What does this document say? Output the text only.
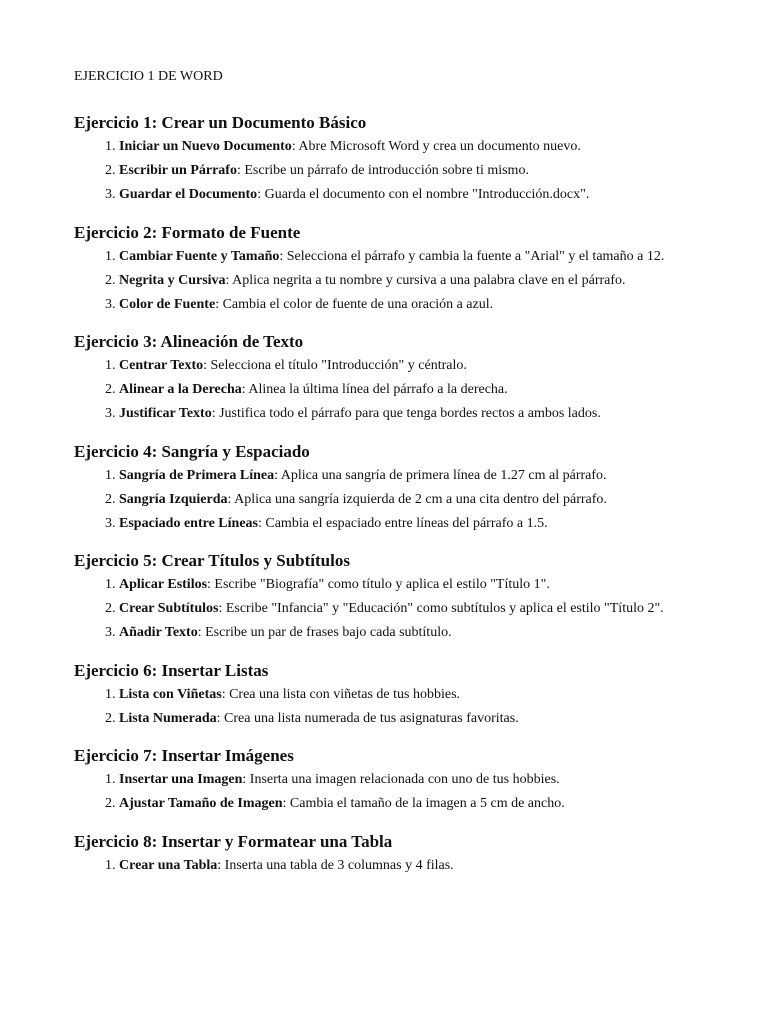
EJERCICIO 1 DE WORD
Ejercicio 1: Crear un Documento Básico
1. Iniciar un Nuevo Documento: Abre Microsoft Word y crea un documento nuevo.
2. Escribir un Párrafo: Escribe un párrafo de introducción sobre ti mismo.
3. Guardar el Documento: Guarda el documento con el nombre "Introducción.docx".
Ejercicio 2: Formato de Fuente
1. Cambiar Fuente y Tamaño: Selecciona el párrafo y cambia la fuente a "Arial" y el tamaño a 12.
2. Negrita y Cursiva: Aplica negrita a tu nombre y cursiva a una palabra clave en el párrafo.
3. Color de Fuente: Cambia el color de fuente de una oración a azul.
Ejercicio 3: Alineación de Texto
1. Centrar Texto: Selecciona el título "Introducción" y céntralo.
2. Alinear a la Derecha: Alinea la última línea del párrafo a la derecha.
3. Justificar Texto: Justifica todo el párrafo para que tenga bordes rectos a ambos lados.
Ejercicio 4: Sangría y Espaciado
1. Sangría de Primera Línea: Aplica una sangría de primera línea de 1.27 cm al párrafo.
2. Sangría Izquierda: Aplica una sangría izquierda de 2 cm a una cita dentro del párrafo.
3. Espaciado entre Líneas: Cambia el espaciado entre líneas del párrafo a 1.5.
Ejercicio 5: Crear Títulos y Subtítulos
1. Aplicar Estilos: Escribe "Biografía" como título y aplica el estilo "Título 1".
2. Crear Subtítulos: Escribe "Infancia" y "Educación" como subtítulos y aplica el estilo "Título 2".
3. Añadir Texto: Escribe un par de frases bajo cada subtítulo.
Ejercicio 6: Insertar Listas
1. Lista con Viñetas: Crea una lista con viñetas de tus hobbies.
2. Lista Numerada: Crea una lista numerada de tus asignaturas favoritas.
Ejercicio 7: Insertar Imágenes
1. Insertar una Imagen: Inserta una imagen relacionada con uno de tus hobbies.
2. Ajustar Tamaño de Imagen: Cambia el tamaño de la imagen a 5 cm de ancho.
Ejercicio 8: Insertar y Formatear una Tabla
1. Crear una Tabla: Inserta una tabla de 3 columnas y 4 filas.
